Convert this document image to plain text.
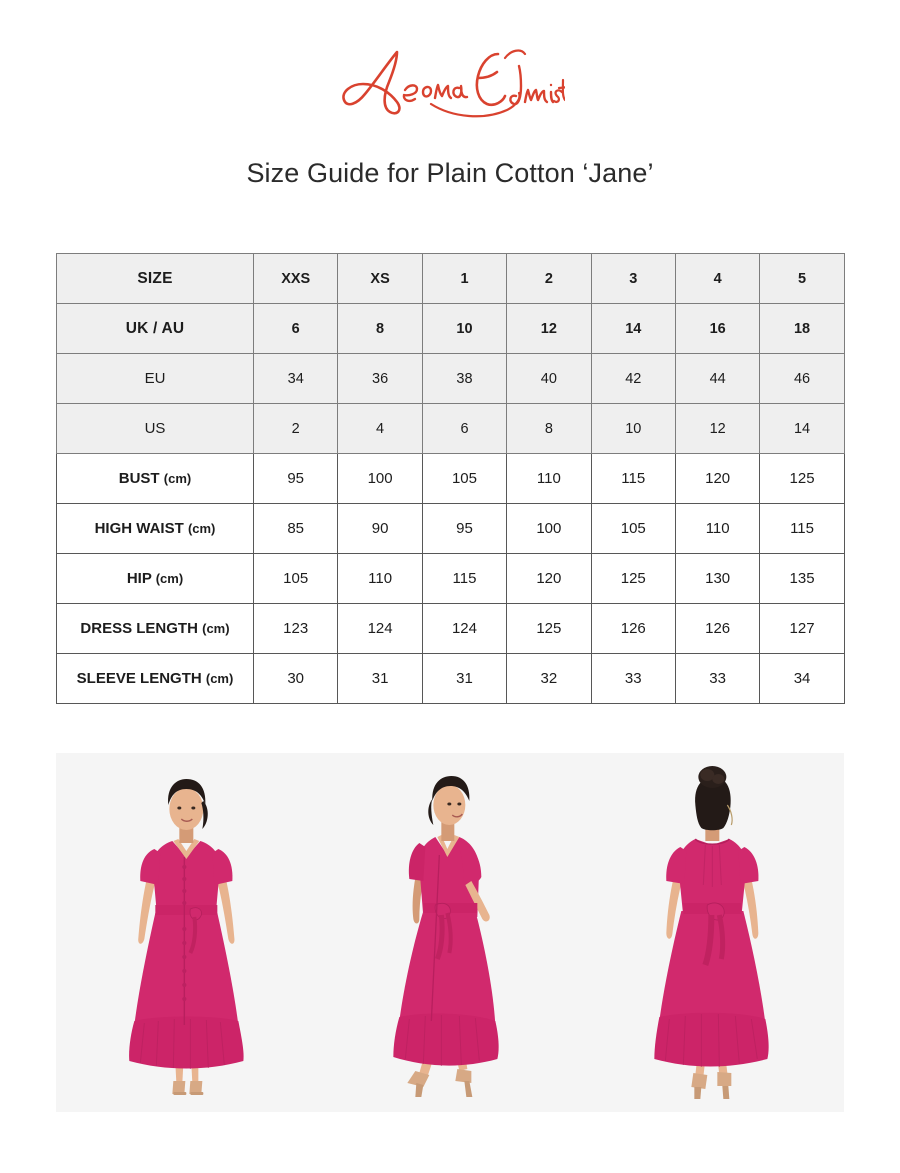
Size Guide for Plain Cotton ‘Jane’
SIZE	XXS	XS	1	2	3	4	5
UK / AU	6	8	10	12	14	16	18
EU	34	36	38	40	42	44	46
US	2	4	6	8	10	12	14
BUST (cm)	95	100	105	110	115	120	125
HIGH WAIST (cm)	85	90	95	100	105	110	115
HIP (cm)	105	110	115	120	125	130	135
DRESS LENGTH (cm)	123	124	124	125	126	126	127
SLEEVE LENGTH (cm)	30	31	31	32	33	33	34
